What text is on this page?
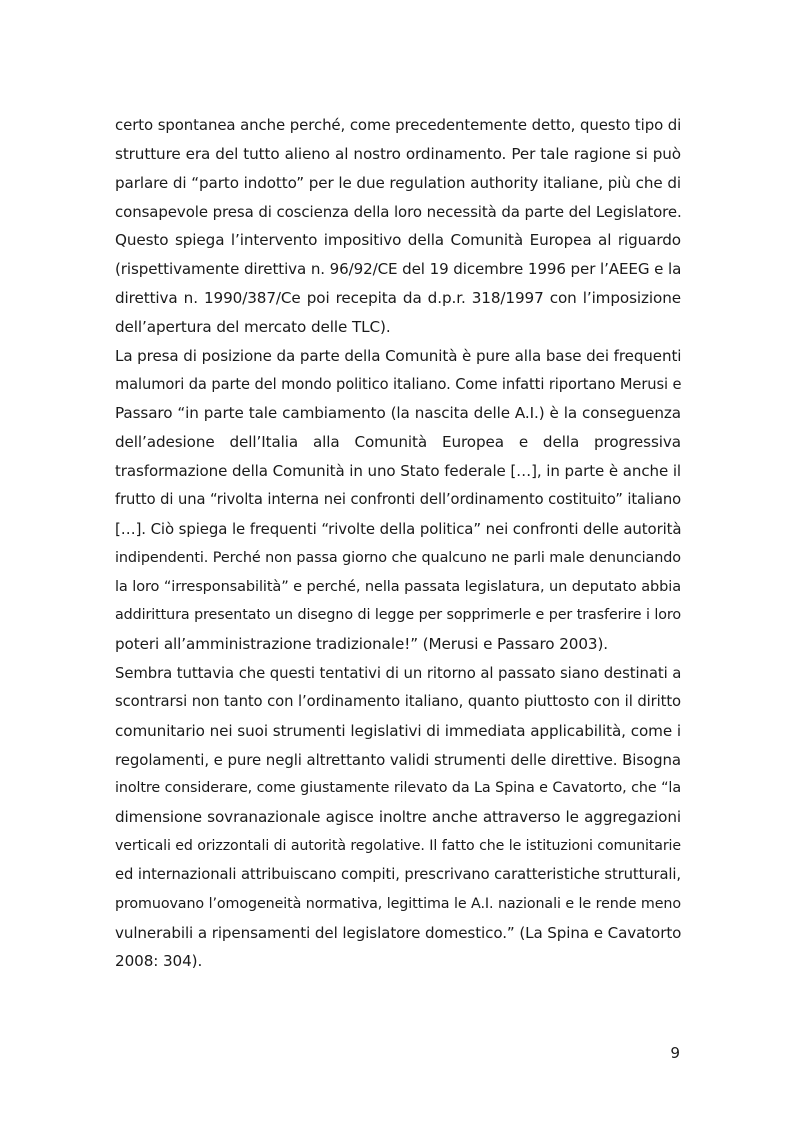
certo spontanea anche perché, come precedentemente detto, questo tipo di
strutture era del tutto alieno al nostro ordinamento. Per tale ragione si può
parlare di “parto indotto” per le due regulation authority italiane, più che di
consapevole presa di coscienza della loro necessità da parte del Legislatore.
Questo spiega l’intervento impositivo della Comunità Europea al riguardo
(rispettivamente direttiva n. 96/92/CE del 19 dicembre 1996 per l’AEEG e la
direttiva n. 1990/387/Ce poi recepita da d.p.r. 318/1997 con l’imposizione
dell’apertura del mercato delle TLC).
La presa di posizione da parte della Comunità è pure alla base dei frequenti
malumori da parte del mondo politico italiano. Come infatti riportano Merusi e
Passaro “in parte tale cambiamento (la nascita delle A.I.) è la conseguenza
dell’adesione dell’Italia alla Comunità Europea e della progressiva
trasformazione della Comunità in uno Stato federale […], in parte è anche il
frutto di una “rivolta interna nei confronti dell’ordinamento costituito” italiano
[…]. Ciò spiega le frequenti “rivolte della politica” nei confronti delle autorità
indipendenti. Perché non passa giorno che qualcuno ne parli male denunciando
la loro “irresponsabilità” e perché, nella passata legislatura, un deputato abbia
addirittura presentato un disegno di legge per sopprimerle e per trasferire i loro
poteri all’amministrazione tradizionale!” (Merusi e Passaro 2003).
Sembra tuttavia che questi tentativi di un ritorno al passato siano destinati a
scontrarsi non tanto con l’ordinamento italiano, quanto piuttosto con il diritto
comunitario nei suoi strumenti legislativi di immediata applicabilità, come i
regolamenti, e pure negli altrettanto validi strumenti delle direttive. Bisogna
inoltre considerare, come giustamente rilevato da La Spina e Cavatorto, che “la
dimensione sovranazionale agisce inoltre anche attraverso le aggregazioni
verticali ed orizzontali di autorità regolative. Il fatto che le istituzioni comunitarie
ed internazionali attribuiscano compiti, prescrivano caratteristiche strutturali,
promuovano l’omogeneità normativa, legittima le A.I. nazionali e le rende meno
vulnerabili a ripensamenti del legislatore domestico.” (La Spina e Cavatorto
2008: 304).
9
